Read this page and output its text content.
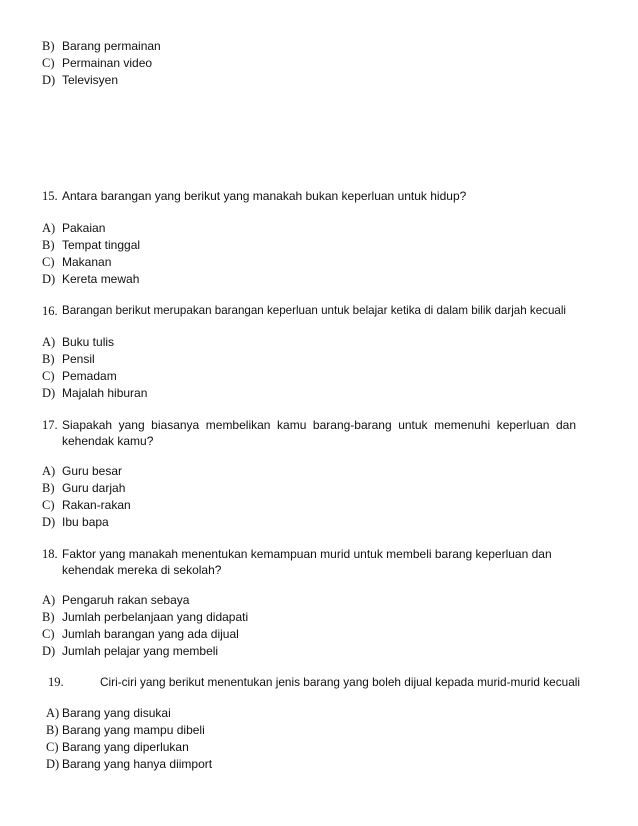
B) Barang permainan
C) Permainan video
D) Televisyen
15. Antara barangan yang berikut yang manakah bukan keperluan untuk hidup?
A) Pakaian
B) Tempat tinggal
C) Makanan
D) Kereta mewah
16. Barangan berikut merupakan barangan keperluan untuk belajar ketika di dalam bilik darjah kecuali
A) Buku tulis
B) Pensil
C) Pemadam
D) Majalah hiburan
17. Siapakah yang biasanya membelikan kamu barang-barang untuk memenuhi keperluan dan
kehendak kamu?
A) Guru besar
B) Guru darjah
C) Rakan-rakan
D) Ibu bapa
18. Faktor yang manakah menentukan kemampuan murid untuk membeli barang keperluan dan
kehendak mereka di sekolah?
A) Pengaruh rakan sebaya
B) Jumlah perbelanjaan yang didapati
C) Jumlah barangan yang ada dijual
D) Jumlah pelajar yang membeli
19.	Ciri-ciri yang berikut menentukan jenis barang yang boleh dijual kepada murid-murid kecuali
A) Barang yang disukai
B) Barang yang mampu dibeli
C) Barang yang diperlukan
D) Barang yang hanya diimport
